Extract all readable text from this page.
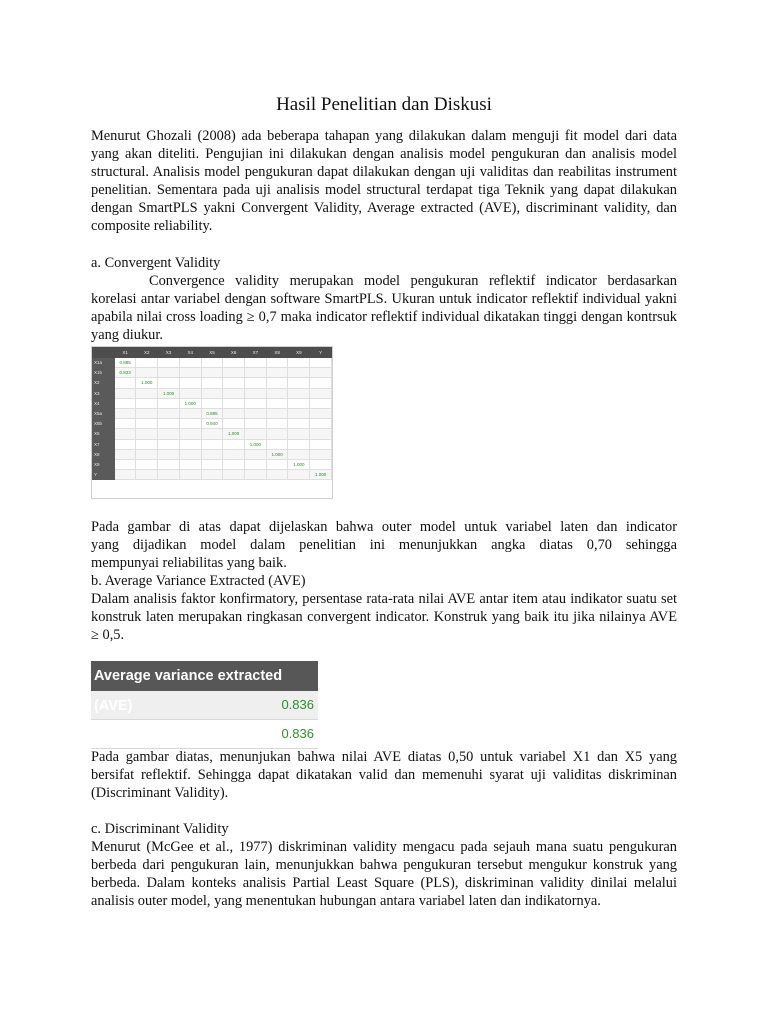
Hasil Penelitian dan Diskusi

Menurut Ghozali (2008) ada beberapa tahapan yang dilakukan dalam menguji fit model dari data yang akan diteliti. Pengujian ini dilakukan dengan analisis model pengukuran dan analisis model structural. Analisis model pengukuran dapat dilakukan dengan uji validitas dan reabilitas instrument penelitian. Sementara pada uji analisis model structural terdapat tiga Teknik yang dapat dilakukan dengan SmartPLS yakni Convergent Validity, Average extracted (AVE), discriminant validity, dan composite reliability.

a. Convergent Validity

Convergence validity merupakan model pengukuran reflektif indicator berdasarkan korelasi antar variabel dengan software SmartPLS. Ukuran untuk indicator reflektif individual yakni apabila nilai cross loading ≥ 0,7 maka indicator reflektif individual dikatakan tinggi dengan kontrsuk yang diukur.

	X1	X2	X3	X4	X5	X6	X7	X8	X9	Y
X1a	0.885									
X1b	0.833									
X2		1.000								
X3			1.000							
X4				1.000						
X5a					0.885					
X5b					0.940					
X6						1.000				
X7							1.000			
X8								1.000		
X9									1.000	
Y										1.000

Pada gambar di atas dapat dijelaskan bahwa outer model untuk variabel laten dan indicator

yang dijadikan model dalam penelitian ini menunjukkan angka diatas 0,70 sehingga

mempunyai reliabilitas yang baik.

b. Average Variance Extracted (AVE)

Dalam analisis faktor konfirmatory, persentase rata-rata nilai AVE antar item atau indikator suatu set konstruk laten merupakan ringkasan convergent indicator. Konstruk yang baik itu jika nilainya AVE ≥ 0,5.

Average variance extracted (AVE)	0.836
0.836

Pada gambar diatas, menunjukan bahwa nilai AVE diatas 0,50 untuk variabel X1 dan X5 yang bersifat reflektif. Sehingga dapat dikatakan valid dan memenuhi syarat uji validitas diskriminan (Discriminant Validity).

c. Discriminant Validity

Menurut (McGee et al., 1977) diskriminan validity mengacu pada sejauh mana suatu pengukuran berbeda dari pengukuran lain, menunjukkan bahwa pengukuran tersebut mengukur konstruk yang berbeda. Dalam konteks analisis Partial Least Square (PLS), diskriminan validity dinilai melalui analisis outer model, yang menentukan hubungan antara variabel laten dan indikatornya.
